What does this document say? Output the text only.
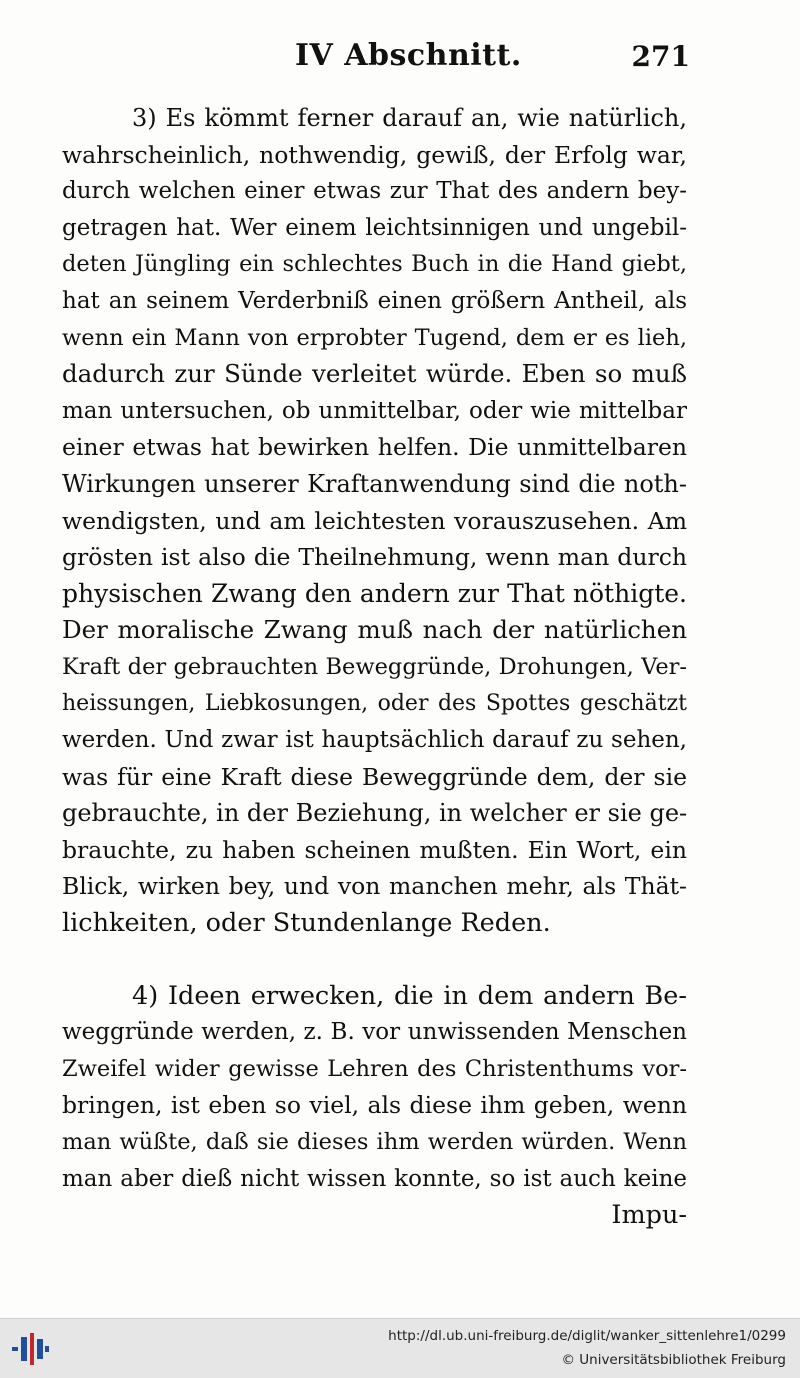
IV Abschnitt.	271
3) Es kömmt ferner darauf an, wie natürlich,
wahrscheinlich, nothwendig, gewiß, der Erfolg war,
durch welchen einer etwas zur That des andern bey-
getragen hat. Wer einem leichtsinnigen und ungebil-
deten Jüngling ein schlechtes Buch in die Hand giebt,
hat an seinem Verderbniß einen größern Antheil, als
wenn ein Mann von erprobter Tugend, dem er es lieh,
dadurch zur Sünde verleitet würde. Eben so muß
man untersuchen, ob unmittelbar, oder wie mittelbar
einer etwas hat bewirken helfen. Die unmittelbaren
Wirkungen unserer Kraftanwendung sind die noth-
wendigsten, und am leichtesten vorauszusehen. Am
grösten ist also die Theilnehmung, wenn man durch
physischen Zwang den andern zur That nöthigte.
Der moralische Zwang muß nach der natürlichen
Kraft der gebrauchten Beweggründe, Drohungen, Ver-
heissungen, Liebkosungen, oder des Spottes geschätzt
werden. Und zwar ist hauptsächlich darauf zu sehen,
was für eine Kraft diese Beweggründe dem, der sie
gebrauchte, in der Beziehung, in welcher er sie ge-
brauchte, zu haben scheinen mußten. Ein Wort, ein
Blick, wirken bey, und von manchen mehr, als Thät-
lichkeiten, oder Stundenlange Reden.
4) Ideen erwecken, die in dem andern Be-
weggründe werden, z. B. vor unwissenden Menschen
Zweifel wider gewisse Lehren des Christenthums vor-
bringen, ist eben so viel, als diese ihm geben, wenn
man wüßte, daß sie dieses ihm werden würden. Wenn
man aber dieß nicht wissen konnte, so ist auch keine
Impu-
http://dl.ub.uni-freiburg.de/diglit/wanker_sittenlehre1/0299
© Universitätsbibliothek Freiburg
